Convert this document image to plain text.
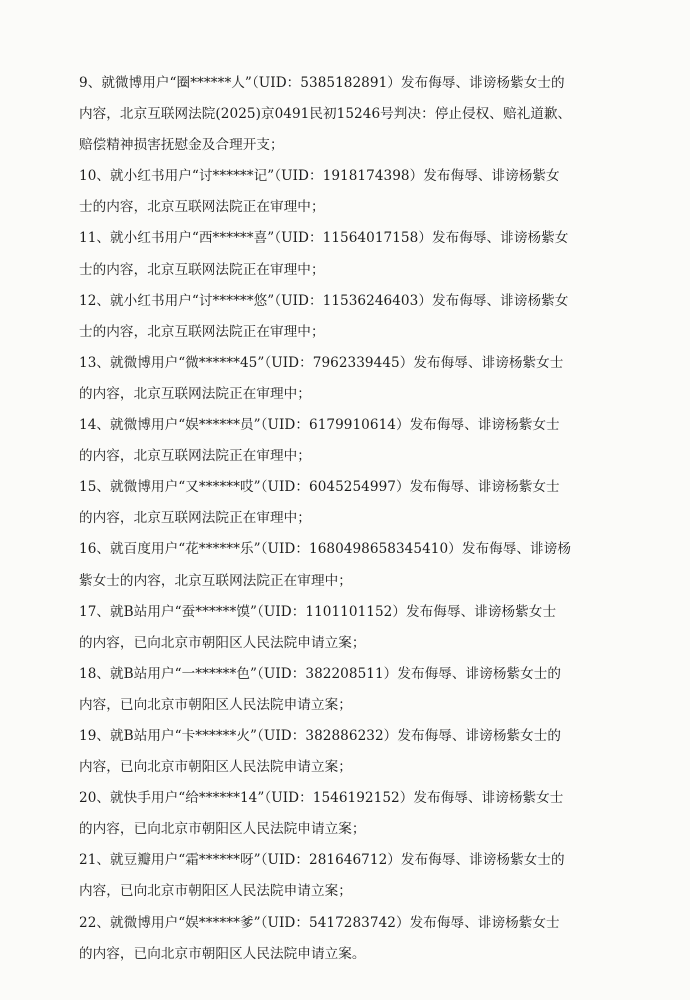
9、就微博用户“圈******人”（UID：5385182891）发布侮辱、诽谤杨紫女士的
内容，北京互联网法院(2025)京0491民初15246号判决：停止侵权、赔礼道歉、
赔偿精神损害抚慰金及合理开支；
10、就小红书用户“讨******记”（UID：1918174398）发布侮辱、诽谤杨紫女
士的内容，北京互联网法院正在审理中；
11、就小红书用户“西******喜”（UID：11564017158）发布侮辱、诽谤杨紫女
士的内容，北京互联网法院正在审理中；
12、就小红书用户“讨******悠”（UID：11536246403）发布侮辱、诽谤杨紫女
士的内容，北京互联网法院正在审理中；
13、就微博用户“微******45”（UID：7962339445）发布侮辱、诽谤杨紫女士
的内容，北京互联网法院正在审理中；
14、就微博用户“娱******员”（UID：6179910614）发布侮辱、诽谤杨紫女士
的内容，北京互联网法院正在审理中；
15、就微博用户“又******哎”（UID：6045254997）发布侮辱、诽谤杨紫女士
的内容，北京互联网法院正在审理中；
16、就百度用户“花******乐”（UID：1680498658345410）发布侮辱、诽谤杨
紫女士的内容，北京互联网法院正在审理中；
17、就B站用户“蚕******馍”（UID：1101101152）发布侮辱、诽谤杨紫女士
的内容，已向北京市朝阳区人民法院申请立案；
18、就B站用户“一******色”（UID：382208511）发布侮辱、诽谤杨紫女士的
内容，已向北京市朝阳区人民法院申请立案；
19、就B站用户“卡******火”（UID：382886232）发布侮辱、诽谤杨紫女士的
内容，已向北京市朝阳区人民法院申请立案；
20、就快手用户“给******14”（UID：1546192152）发布侮辱、诽谤杨紫女士
的内容，已向北京市朝阳区人民法院申请立案；
21、就豆瓣用户“霜******呀”（UID：281646712）发布侮辱、诽谤杨紫女士的
内容，已向北京市朝阳区人民法院申请立案；
22、就微博用户“娱******爹”（UID：5417283742）发布侮辱、诽谤杨紫女士
的内容，已向北京市朝阳区人民法院申请立案。
